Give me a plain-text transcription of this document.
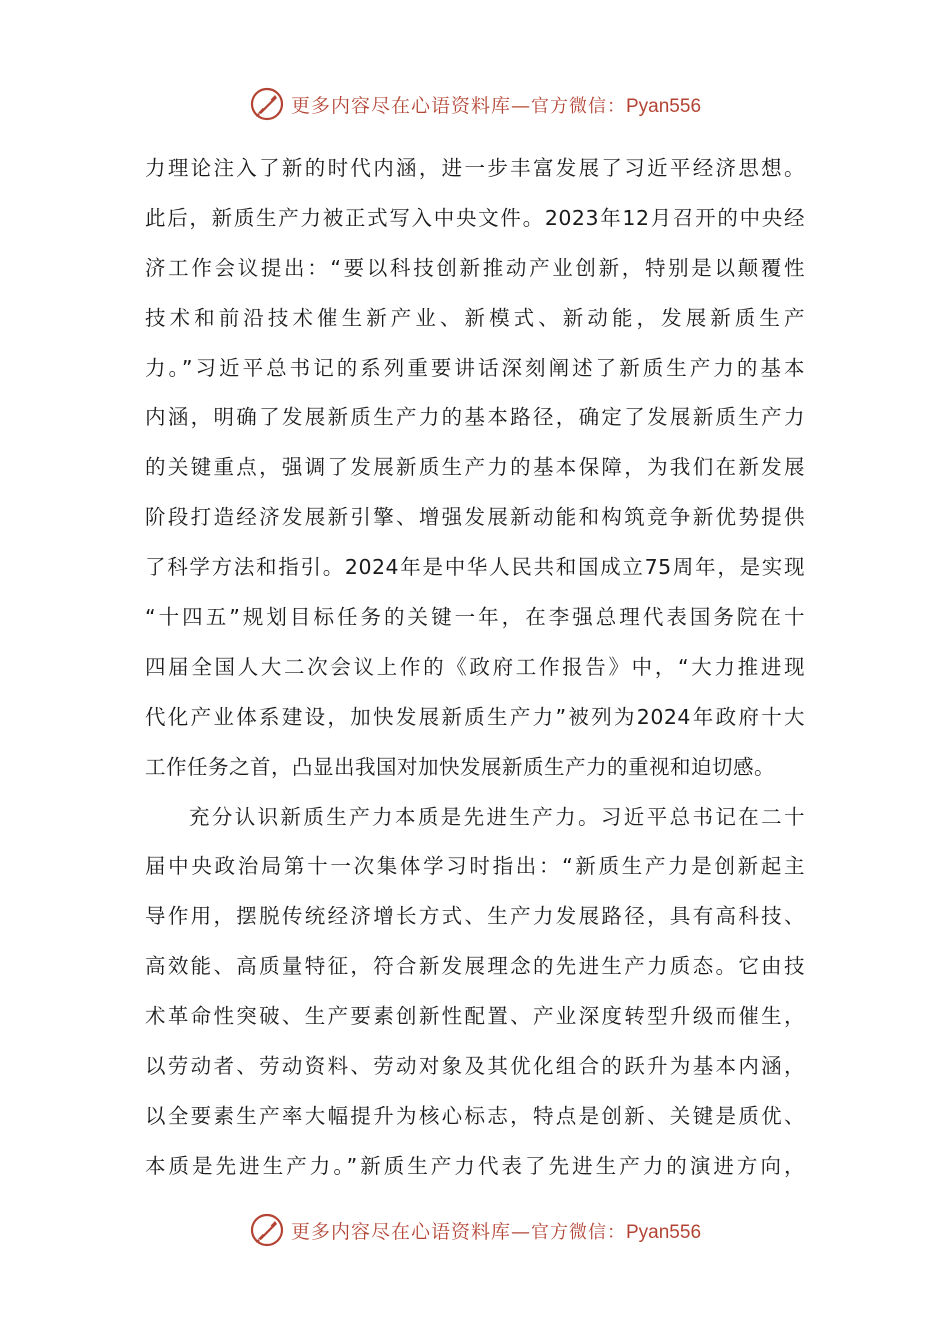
更多内容尽在心语资料库—官方微信：Pyan556
力理论注入了新的时代内涵，进一步丰富发展了习近平经济思想。
此后，新质生产力被正式写入中央文件。2023年12月召开的中央经
济工作会议提出：“要以科技创新推动产业创新，特别是以颠覆性
技术和前沿技术催生新产业、新模式、新动能，发展新质生产
力。”习近平总书记的系列重要讲话深刻阐述了新质生产力的基本
内涵，明确了发展新质生产力的基本路径，确定了发展新质生产力
的关键重点，强调了发展新质生产力的基本保障，为我们在新发展
阶段打造经济发展新引擎、增强发展新动能和构筑竞争新优势提供
了科学方法和指引。2024年是中华人民共和国成立75周年，是实现
“十四五”规划目标任务的关键一年，在李强总理代表国务院在十
四届全国人大二次会议上作的《政府工作报告》中，“大力推进现
代化产业体系建设，加快发展新质生产力”被列为2024年政府十大
工作任务之首，凸显出我国对加快发展新质生产力的重视和迫切感。
充分认识新质生产力本质是先进生产力。习近平总书记在二十
届中央政治局第十一次集体学习时指出：“新质生产力是创新起主
导作用，摆脱传统经济增长方式、生产力发展路径，具有高科技、
高效能、高质量特征，符合新发展理念的先进生产力质态。它由技
术革命性突破、生产要素创新性配置、产业深度转型升级而催生，
以劳动者、劳动资料、劳动对象及其优化组合的跃升为基本内涵，
以全要素生产率大幅提升为核心标志，特点是创新、关键是质优、
本质是先进生产力。”新质生产力代表了先进生产力的演进方向，
更多内容尽在心语资料库—官方微信：Pyan556
